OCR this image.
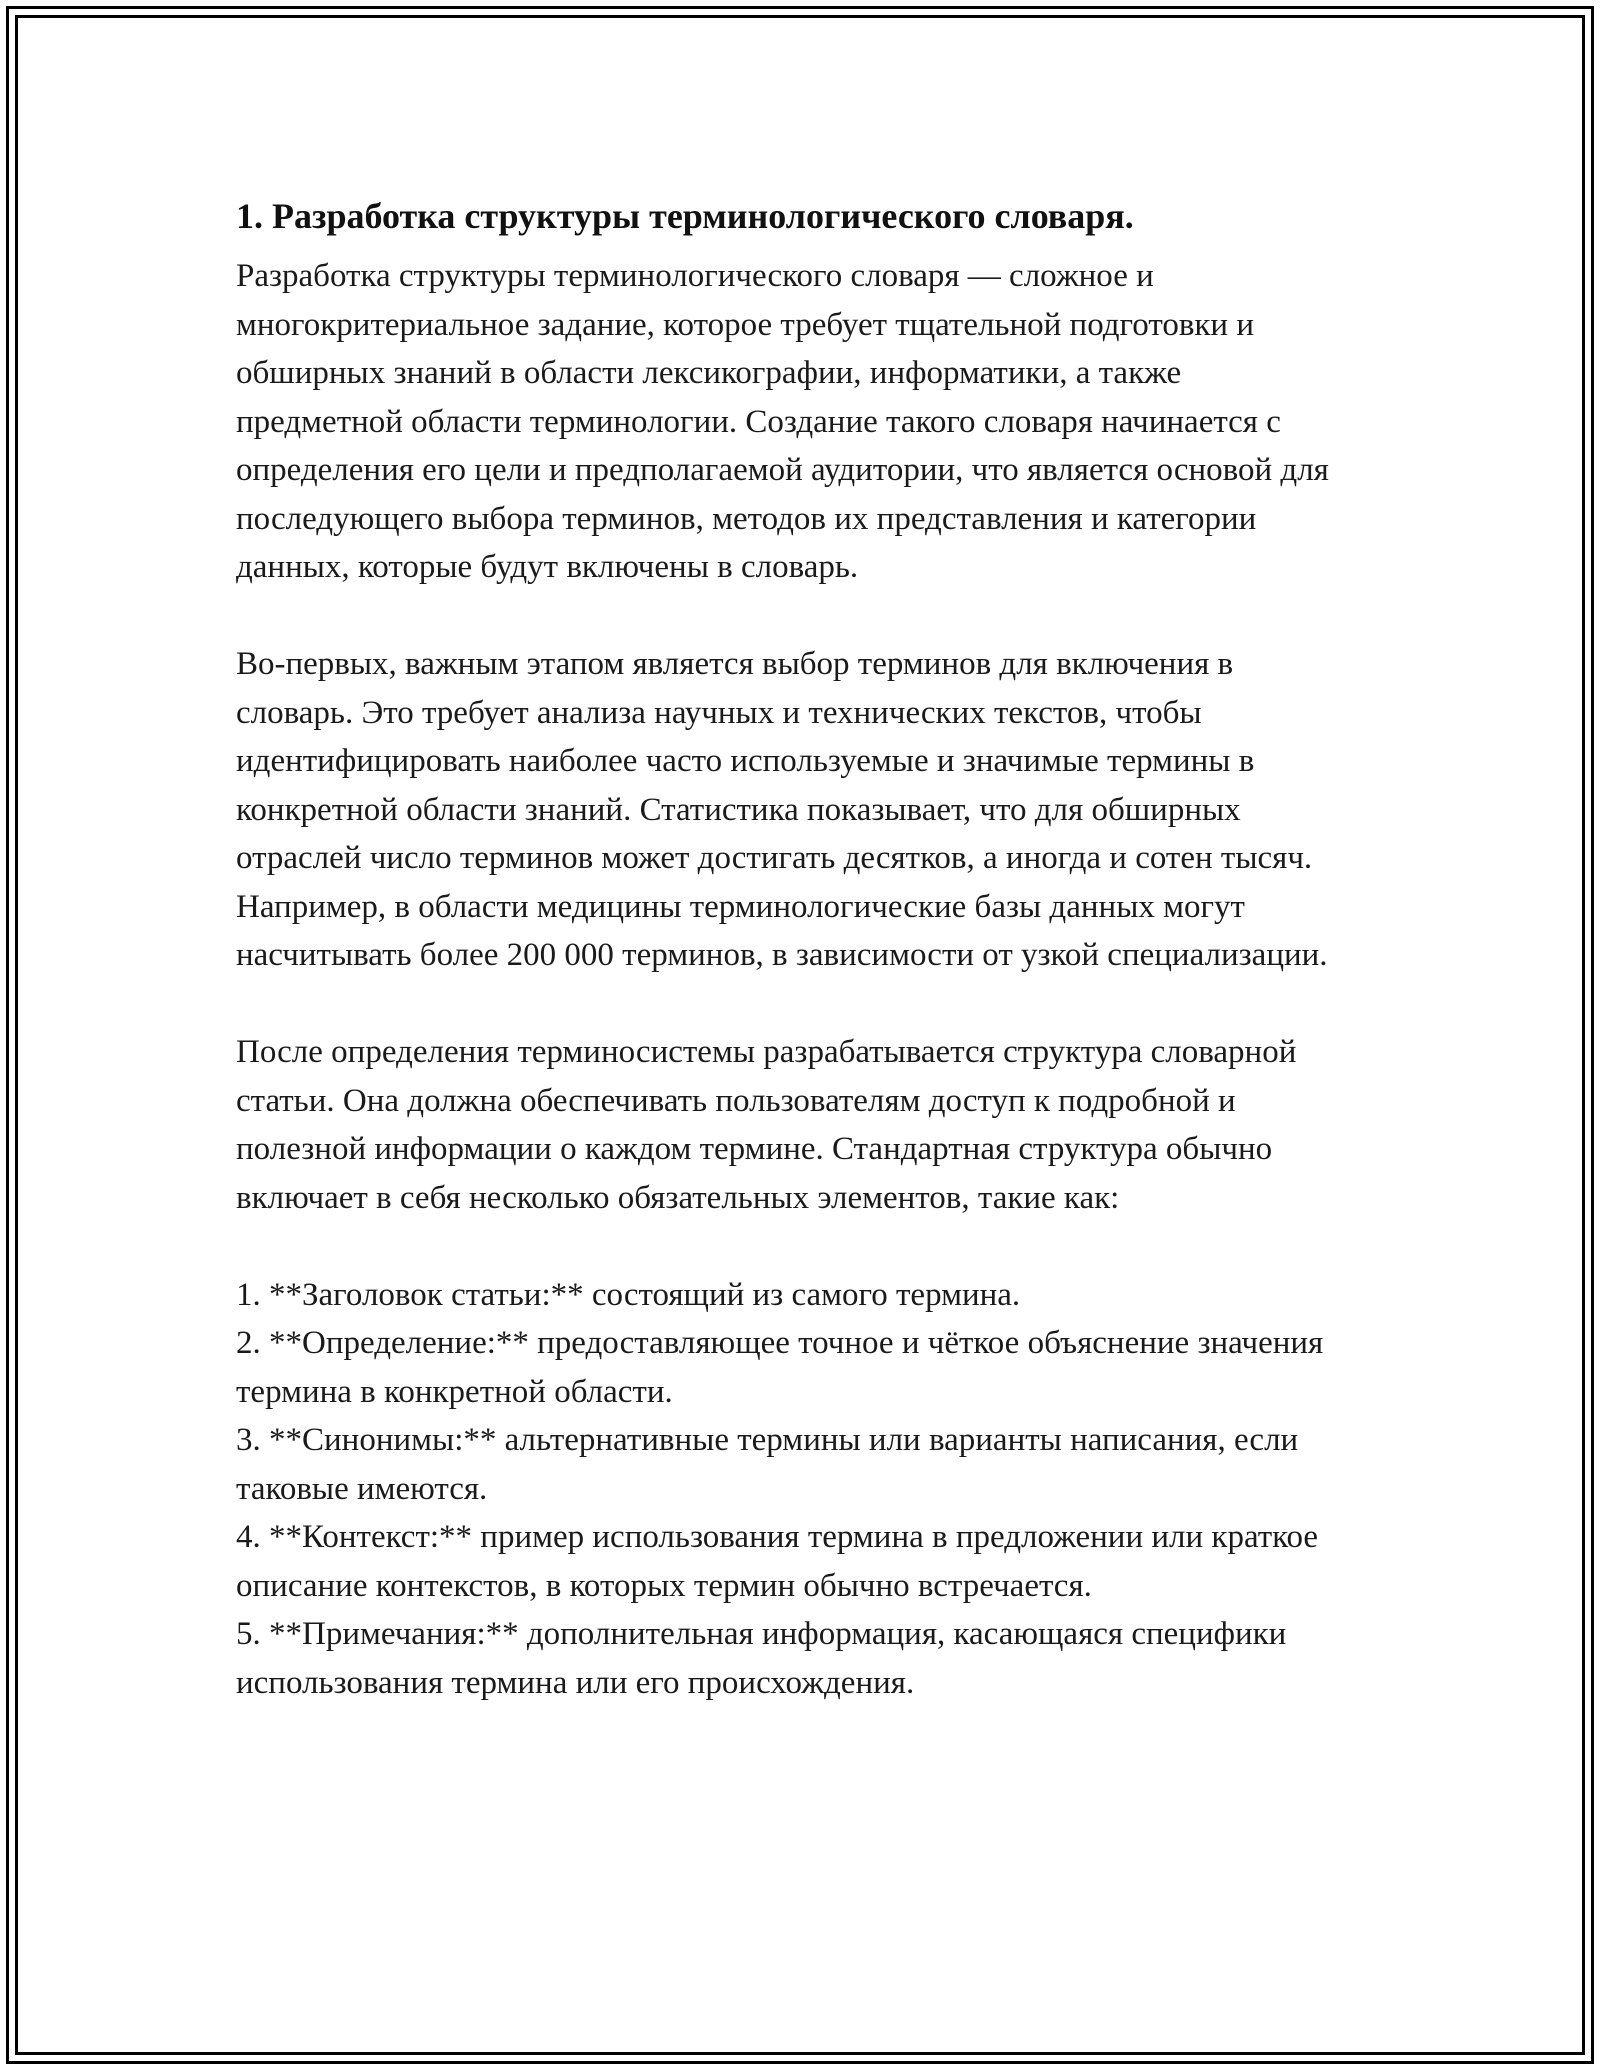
1. Разработка структуры терминологического словаря.

Разработка структуры терминологического словаря — сложное и многокритериальное задание, которое требует тщательной подготовки и обширных знаний в области лексикографии, информатики, а также предметной области терминологии. Создание такого словаря начинается с определения его цели и предполагаемой аудитории, что является основой для последующего выбора терминов, методов их представления и категории данных, которые будут включены в словарь.

Во-первых, важным этапом является выбор терминов для включения в словарь. Это требует анализа научных и технических текстов, чтобы идентифицировать наиболее часто используемые и значимые термины в конкретной области знаний. Статистика показывает, что для обширных отраслей число терминов может достигать десятков, а иногда и сотен тысяч. Например, в области медицины терминологические базы данных могут насчитывать более 200 000 терминов, в зависимости от узкой специализации.

После определения терминосистемы разрабатывается структура словарной статьи. Она должна обеспечивать пользователям доступ к подробной и полезной информации о каждом термине. Стандартная структура обычно включает в себя несколько обязательных элементов, такие как:

1. **Заголовок статьи:** состоящий из самого термина.
2. **Определение:** предоставляющее точное и чёткое объяснение значения термина в конкретной области.
3. **Синонимы:** альтернативные термины или варианты написания, если таковые имеются.
4. **Контекст:** пример использования термина в предложении или краткое описание контекстов, в которых термин обычно встречается.
5. **Примечания:** дополнительная информация, касающаяся специфики использования термина или его происхождения.
